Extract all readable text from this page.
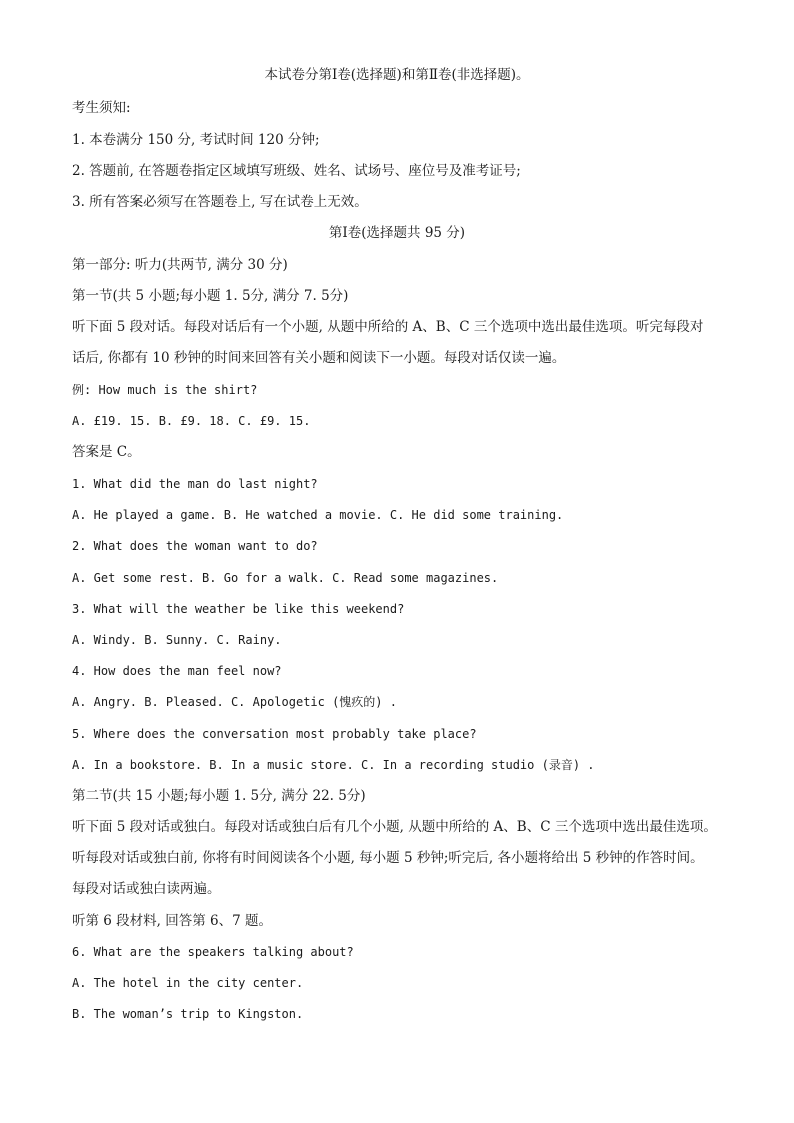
本试卷分第Ⅰ卷(选择题)和第Ⅱ卷(非选择题)。
考生须知:
1. 本卷满分 150 分, 考试时间 120 分钟;
2. 答题前, 在答题卷指定区域填写班级、姓名、试场号、座位号及准考证号;
3. 所有答案必须写在答题卷上, 写在试卷上无效。
第Ⅰ卷(选择题共 95 分)
第一部分: 听力(共两节, 满分 30 分)
第一节(共 5 小题;每小题 1. 5分, 满分 7. 5分)
听下面 5 段对话。每段对话后有一个小题, 从题中所给的 A、B、C 三个选项中选出最佳选项。听完每段对
话后, 你都有 10 秒钟的时间来回答有关小题和阅读下一小题。每段对话仅读一遍。
例: How much is the shirt?
A. £19. 15. B. £9. 18. C. £9. 15.
答案是 C。
1. What did the man do last night?
A. He played a game. B. He watched a movie. C. He did some training.
2. What does the woman want to do?
A. Get some rest. B. Go for a walk. C. Read some magazines.
3. What will the weather be like this weekend?
A. Windy. B. Sunny. C. Rainy.
4. How does the man feel now?
A. Angry. B. Pleased. C. Apologetic (愧疚的) .
5. Where does the conversation most probably take place?
A. In a bookstore. B. In a music store. C. In a recording studio (录音) .
第二节(共 15 小题;每小题 1. 5分, 满分 22. 5分)
听下面 5 段对话或独白。每段对话或独白后有几个小题, 从题中所给的 A、B、C 三个选项中选出最佳选项。
听每段对话或独白前, 你将有时间阅读各个小题, 每小题 5 秒钟;听完后, 各小题将给出 5 秒钟的作答时间。
每段对话或独白读两遍。
听第 6 段材料, 回答第 6、7 题。
6. What are the speakers talking about?
A. The hotel in the city center.
B. The woman’s trip to Kingston.
